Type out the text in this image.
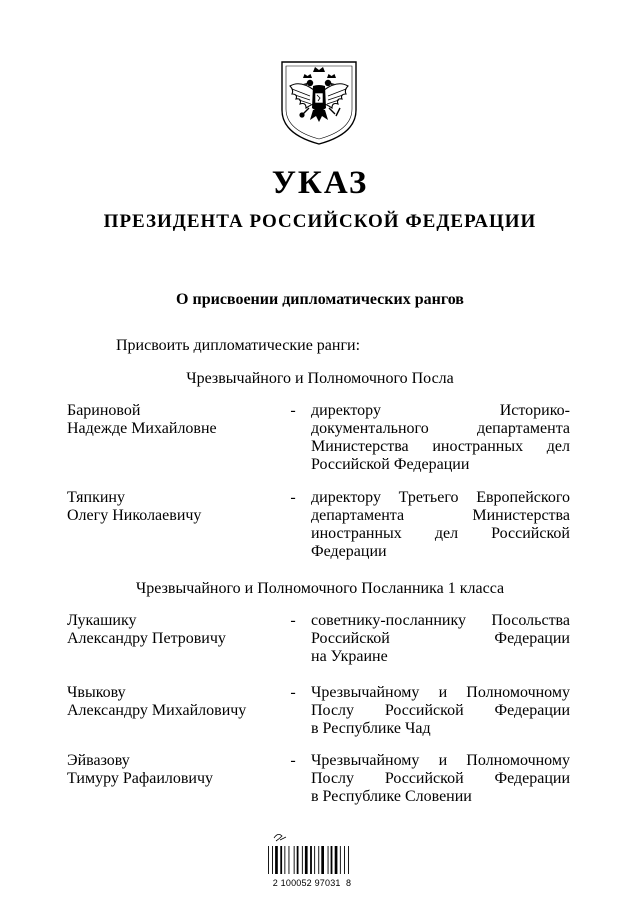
УКАЗ
ПРЕЗИДЕНТА РОССИЙСКОЙ ФЕДЕРАЦИИ
О присвоении дипломатических рангов
Присвоить дипломатические ранги:
Чрезвычайного и Полномочного Посла
Бариновой
Надежде Михайловне
- директору Историко-
документального департамента
Министерства иностранных дел
Российской Федерации
Тяпкину
Олегу Николаевичу
- директору Третьего Европейского
департамента Министерства
иностранных дел Российской
Федерации
Чрезвычайного и Полномочного Посланника 1 класса
Лукашику
Александру Петровичу
- советнику-посланнику Посольства
Российской Федерации
на Украине
Чвыкову
Александру Михайловичу
- Чрезвычайному и Полномочному
Послу Российской Федерации
в Республике Чад
Эйвазову
Тимуру Рафаиловичу
- Чрезвычайному и Полномочному
Послу Российской Федерации
в Республике Словении
2 100052 97031  8
